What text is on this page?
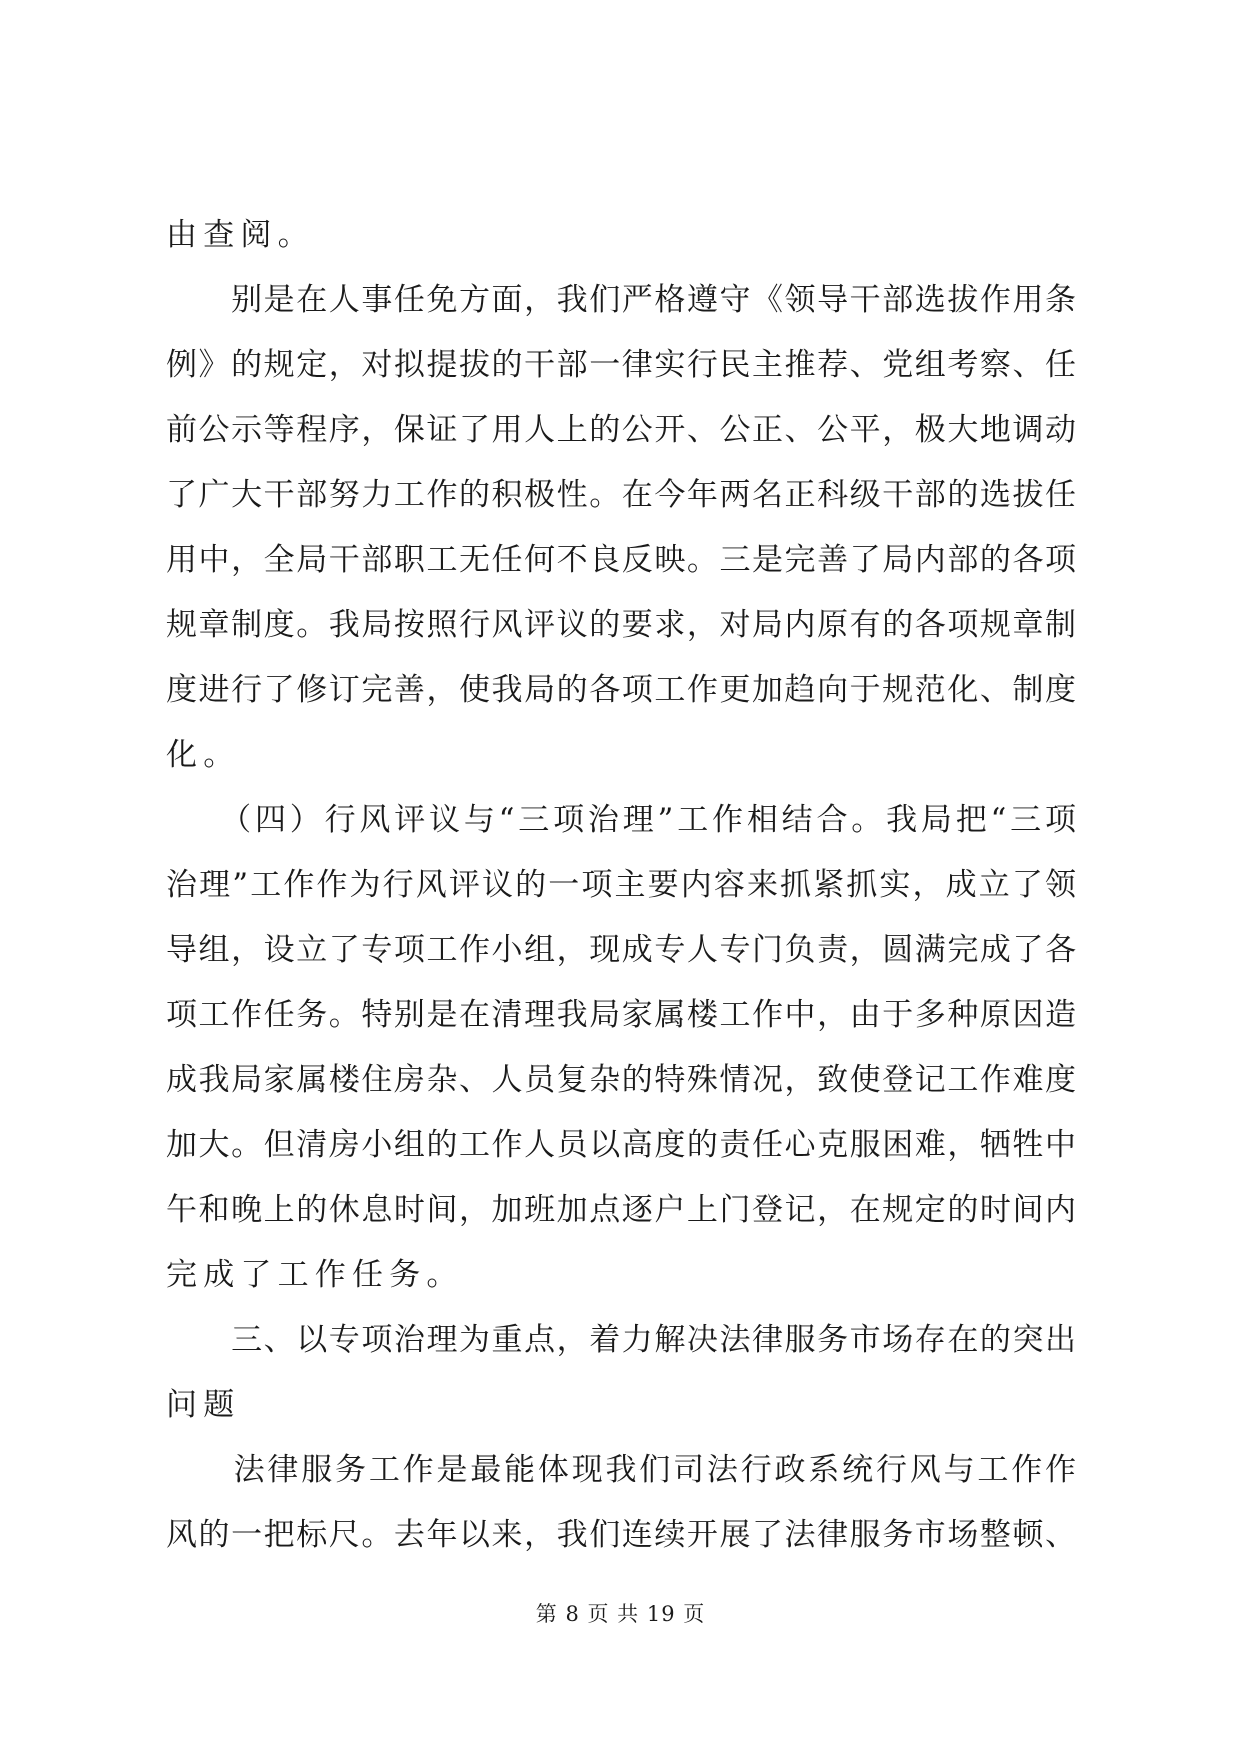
由查阅。
　　别是在人事任免方面，我们严格遵守《领导干部选拔作用条
例》的规定，对拟提拔的干部一律实行民主推荐、党组考察、任
前公示等程序，保证了用人上的公开、公正、公平，极大地调动
了广大干部努力工作的积极性。在今年两名正科级干部的选拔任
用中，全局干部职工无任何不良反映。三是完善了局内部的各项
规章制度。我局按照行风评议的要求，对局内原有的各项规章制
度进行了修订完善，使我局的各项工作更加趋向于规范化、制度
化。
　　（四）行风评议与“三项治理”工作相结合。我局把“三项
治理”工作作为行风评议的一项主要内容来抓紧抓实，成立了领
导组，设立了专项工作小组，现成专人专门负责，圆满完成了各
项工作任务。特别是在清理我局家属楼工作中，由于多种原因造
成我局家属楼住房杂、人员复杂的特殊情况，致使登记工作难度
加大。但清房小组的工作人员以高度的责任心克服困难，牺牲中
午和晚上的休息时间，加班加点逐户上门登记，在规定的时间内
完成了工作任务。
　　三、以专项治理为重点，着力解决法律服务市场存在的突出
问题
　　法律服务工作是最能体现我们司法行政系统行风与工作作
风的一把标尺。去年以来，我们连续开展了法律服务市场整顿、
第 8 页 共 19 页
